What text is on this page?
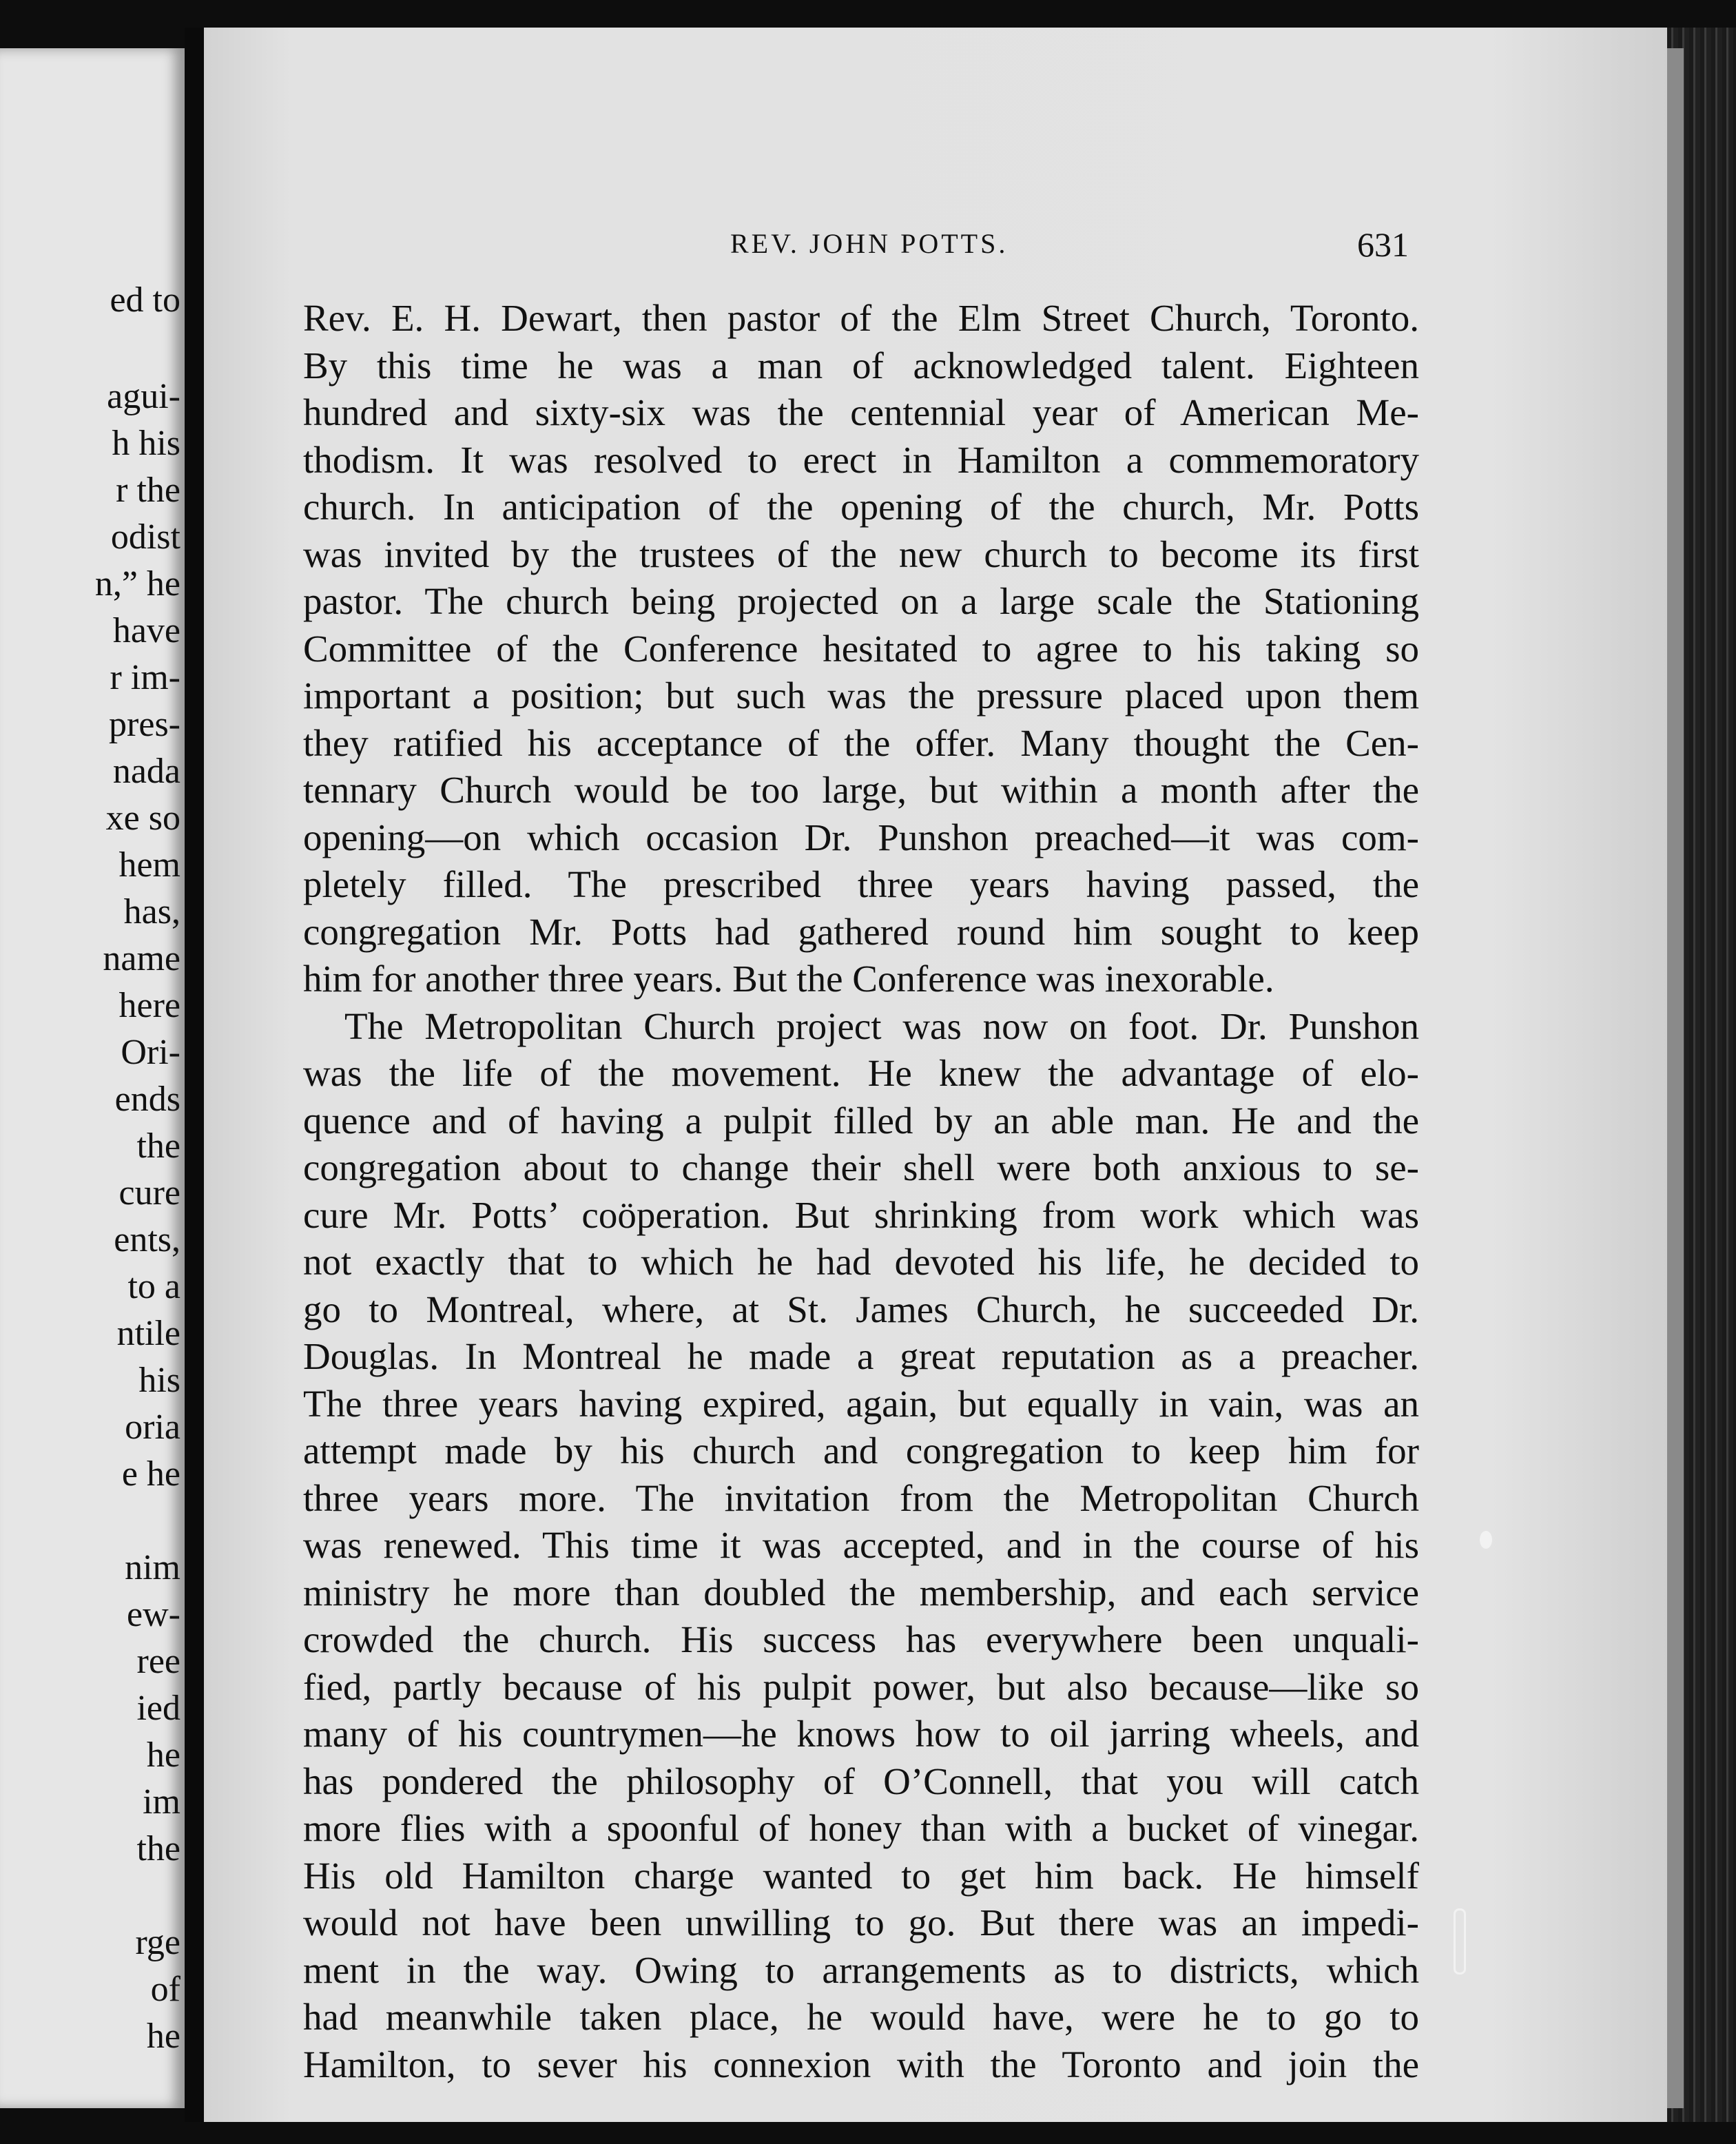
ed to
agui-
h his
r the
odist
n,” he
have
r im-
pres-
nada
xe so
hem
has,
name
here
Ori-
ends
the
cure
ents,
to a
ntile
his
oria
e he
nim
ew-
ree
ied
he
im
the
rge
of
he
REV. JOHN POTTS.	631
Rev. E. H. Dewart, then pastor of the Elm Street Church, Toronto.
By this time he was a man of acknowledged talent. Eighteen
hundred and sixty-six was the centennial year of American Me-
thodism. It was resolved to erect in Hamilton a commemoratory
church. In anticipation of the opening of the church, Mr. Potts
was invited by the trustees of the new church to become its first
pastor. The church being projected on a large scale the Stationing
Committee of the Conference hesitated to agree to his taking so
important a position; but such was the pressure placed upon them
they ratified his acceptance of the offer. Many thought the Cen-
tennary Church would be too large, but within a month after the
opening—on which occasion Dr. Punshon preached—it was com-
pletely filled. The prescribed three years having passed, the
congregation Mr. Potts had gathered round him sought to keep
him for another three years. But the Conference was inexorable.
The Metropolitan Church project was now on foot. Dr. Punshon
was the life of the movement. He knew the advantage of elo-
quence and of having a pulpit filled by an able man. He and the
congregation about to change their shell were both anxious to se-
cure Mr. Potts’ coöperation. But shrinking from work which was
not exactly that to which he had devoted his life, he decided to
go to Montreal, where, at St. James Church, he succeeded Dr.
Douglas. In Montreal he made a great reputation as a preacher.
The three years having expired, again, but equally in vain, was an
attempt made by his church and congregation to keep him for
three years more. The invitation from the Metropolitan Church
was renewed. This time it was accepted, and in the course of his
ministry he more than doubled the membership, and each service
crowded the church. His success has everywhere been unquali-
fied, partly because of his pulpit power, but also because—like so
many of his countrymen—he knows how to oil jarring wheels, and
has pondered the philosophy of O’Connell, that you will catch
more flies with a spoonful of honey than with a bucket of vinegar.
His old Hamilton charge wanted to get him back. He himself
would not have been unwilling to go. But there was an impedi-
ment in the way. Owing to arrangements as to districts, which
had meanwhile taken place, he would have, were he to go to
Hamilton, to sever his connexion with the Toronto and join the
